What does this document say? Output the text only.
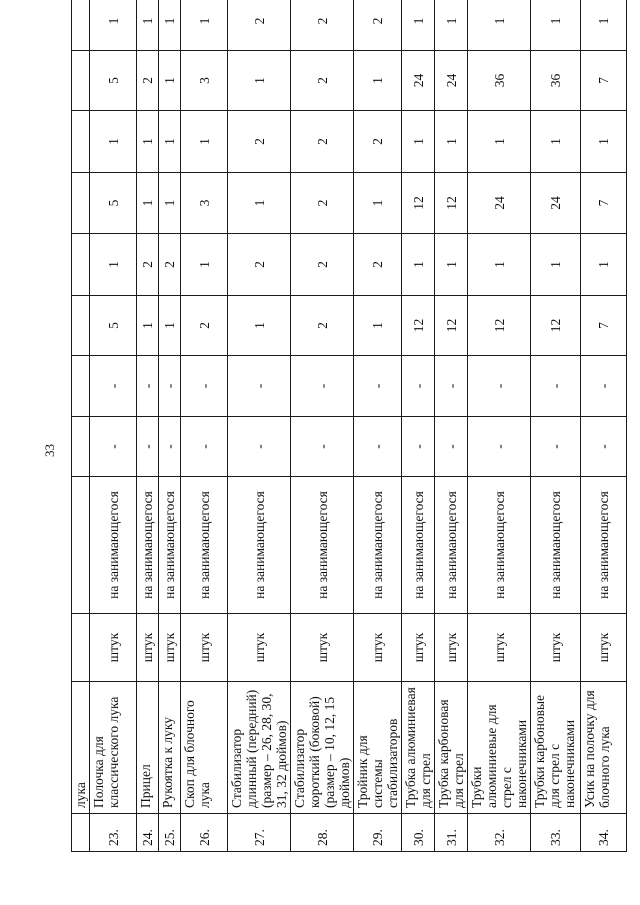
33
	лука										
23.	Полочка для классического лука	штук	на занимающегося	-	-	5	1	5	1	5	1
24.	Прицел	штук	на занимающегося	-	-	1	2	1	1	2	1
25.	Рукоятка к луку	штук	на занимающегося	-	-	1	2	1	1	1	1
26.	Скоп для блочного лука	штук	на занимающегося	-	-	2	1	3	1	3	1
27.	Стабилизатор длинный (передний) (размер – 26, 28, 30, 31, 32 дюймов)	штук	на занимающегося	-	-	1	2	1	2	1	2
28.	Стабилизатор короткий (боковой) (размер – 10, 12, 15 дюймов)	штук	на занимающегося	-	-	2	2	2	2	2	2
29.	Тройник для системы стабилизаторов	штук	на занимающегося	-	-	1	2	1	2	1	2
30.	Трубка алюминиевая для стрел	штук	на занимающегося	-	-	12	1	12	1	24	1
31.	Трубка карбоновая для стрел	штук	на занимающегося	-	-	12	1	12	1	24	1
32.	Трубки алюминиевые для стрел с наконечниками	штук	на занимающегося	-	-	12	1	24	1	36	1
33.	Трубки карбоновые для стрел с наконечниками	штук	на занимающегося	-	-	12	1	24	1	36	1
34.	Усик на полочку для блочного лука	штук	на занимающегося	-	-	7	1	7	1	7	1
